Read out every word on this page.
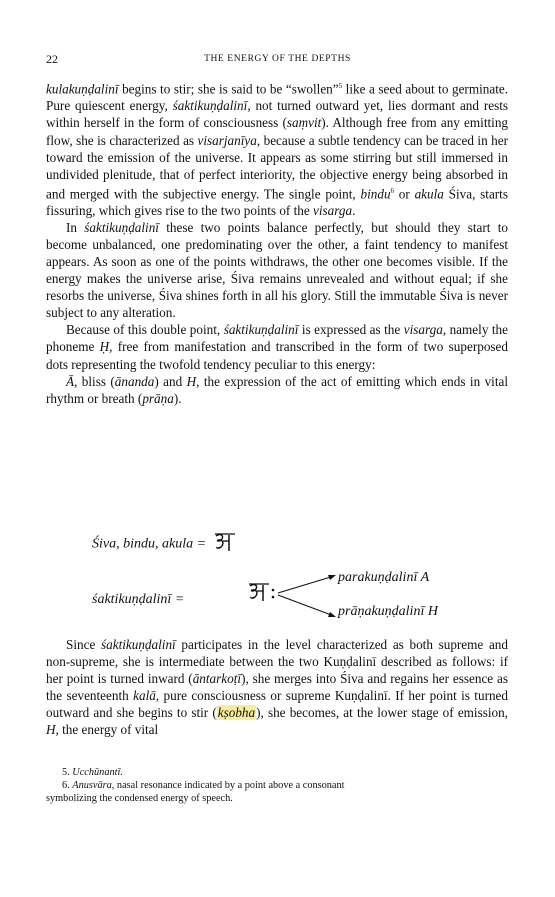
22	THE ENERGY OF THE DEPTHS

kulakuṇḍalinī begins to stir; she is said to be “swollen”$^5$ like a seed about to germinate. Pure quiescent energy, śaktikuṇḍalinī, not turned outward yet, lies dormant and rests within herself in the form of consciousness (saṃvit). Although free from any emitting flow, she is characterized as visarjanīya, because a subtle tendency can be traced in her toward the emission of the universe. It appears as some stirring but still immersed in undivided plenitude, that of perfect interiority, the objective energy being absorbed in and merged with the subjective energy. The single point, bindu$^6$ or akula Śiva, starts fissuring, which gives rise to the two points of the visarga.

In śaktikuṇḍalinī these two points balance perfectly, but should they start to become unbalanced, one predominating over the other, a faint tendency to manifest appears. As soon as one of the points withdraws, the other one becomes visible. If the energy makes the universe arise, Śiva remains unrevealed and without equal; if she resorbs the universe, Śiva shines forth in all his glory. Still the immutable Śiva is never subject to any alteration.

Because of this double point, śaktikuṇḍalinī is expressed as the visarga, namely the phoneme Ḥ, free from manifestation and transcribed in the form of two superposed dots representing the twofold tendency peculiar to this energy:

Ā, bliss (ānanda) and H, the expression of the act of emitting which ends in vital rhythm or breath (prāṇa).

Śiva, bindu, akula =
śaktikuṇḍalinī =
parakuṇḍalinī A
prāṇakuṇḍalinī H

Since śaktikuṇḍalinī participates in the level characterized as both supreme and non-supreme, she is intermediate between the two Kuṇḍalinī described as follows: if her point is turned inward (āntarkoṭī), she merges into Śiva and regains her essence as the seventeenth kalā, pure consciousness or supreme Kuṇḍalinī. If her point is turned outward and she begins to stir (kṣobha), she becomes, at the lower stage of emission, H, the energy of vital

5. Ucchūnantī.

6. Anusvāra, nasal resonance indicated by a point above a consonant

symbolizing the condensed energy of speech.
